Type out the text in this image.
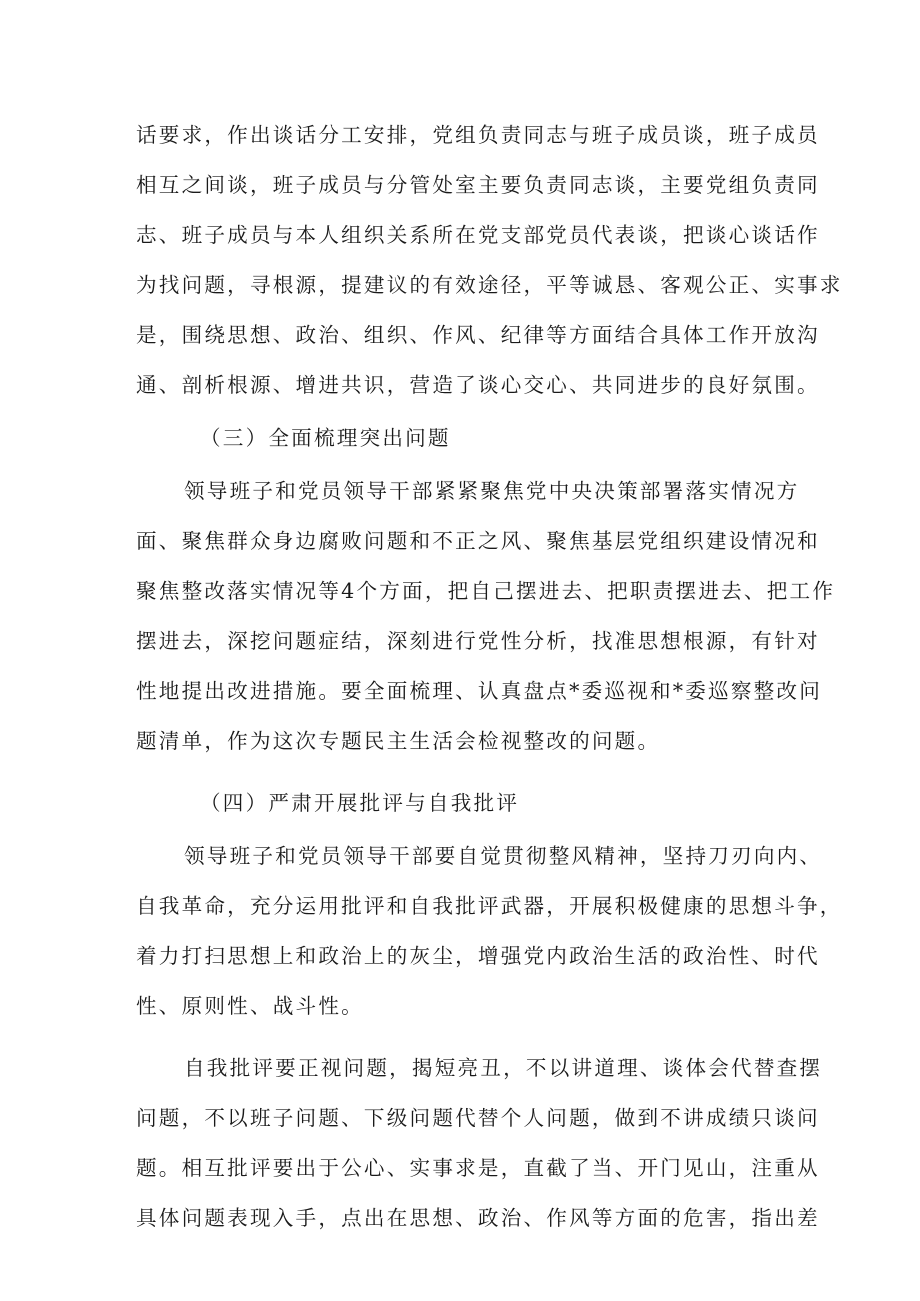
话要求，作出谈话分工安排，党组负责同志与班子成员谈，班子成员
相互之间谈，班子成员与分管处室主要负责同志谈，主要党组负责同
志、班子成员与本人组织关系所在党支部党员代表谈，把谈心谈话作
为找问题，寻根源，提建议的有效途径，平等诚恳、客观公正、实事求
是，围绕思想、政治、组织、作风、纪律等方面结合具体工作开放沟
通、剖析根源、增进共识，营造了谈心交心、共同进步的良好氛围。
（三）全面梳理突出问题
领导班子和党员领导干部紧紧聚焦党中央决策部署落实情况方
面、聚焦群众身边腐败问题和不正之风、聚焦基层党组织建设情况和
聚焦整改落实情况等4个方面，把自己摆进去、把职责摆进去、把工作
摆进去，深挖问题症结，深刻进行党性分析，找准思想根源，有针对
性地提出改进措施。要全面梳理、认真盘点*委巡视和*委巡察整改问
题清单，作为这次专题民主生活会检视整改的问题。
（四）严肃开展批评与自我批评
领导班子和党员领导干部要自觉贯彻整风精神，坚持刀刃向内、
自我革命，充分运用批评和自我批评武器，开展积极健康的思想斗争，
着力打扫思想上和政治上的灰尘，增强党内政治生活的政治性、时代
性、原则性、战斗性。
自我批评要正视问题，揭短亮丑，不以讲道理、谈体会代替查摆
问题，不以班子问题、下级问题代替个人问题，做到不讲成绩只谈问
题。相互批评要出于公心、实事求是，直截了当、开门见山，注重从
具体问题表现入手，点出在思想、政治、作风等方面的危害，指出差
